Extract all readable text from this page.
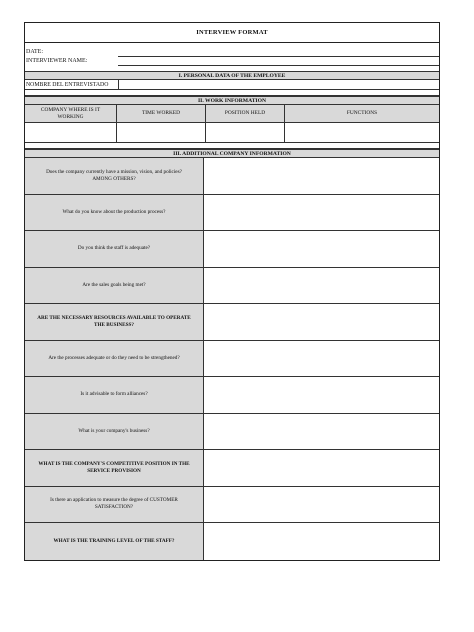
INTERVIEW FORMAT
DATE:
INTERVIEWER NAME:
I. PERSONAL DATA OF THE EMPLOYEE
NOMBRE DEL ENTREVISTADO
II. WORK INFORMATION
COMPANY WHERE IS IT WORKING
TIME WORKED	POSITION HELD	FUNCTIONS
III. ADDITIONAL COMPANY INFORMATION
Does the company currently have a mission, vision, and policies? AMONG OTHERS?
What do you know about the production process?
Do you think the staff is adequate?
Are the sales goals being met?
ARE THE NECESSARY RESOURCES AVAILABLE TO OPERATE THE BUSINESS?
Are the processes adequate or do they need to be strengthened?
Is it advisable to form alliances?
What is your company's business?
WHAT IS THE COMPANY'S COMPETITIVE POSITION IN THE SERVICE PROVISION
Is there an application to measure the degree of CUSTOMER SATISFACTION?
WHAT IS THE TRAINING LEVEL OF THE STAFF?
